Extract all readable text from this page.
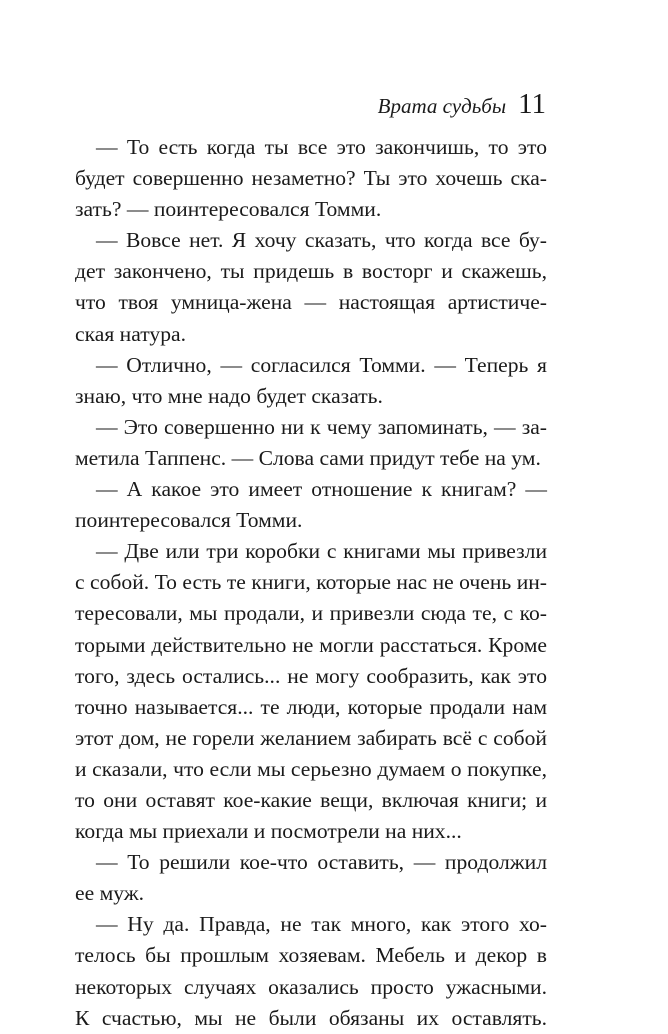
Врата судьбы 11
— То есть когда ты все это закончишь, то это
будет совершенно незаметно? Ты это хочешь ска-
зать? — поинтересовался Томми.
— Вовсе нет. Я хочу сказать, что когда все бу-
дет закончено, ты придешь в восторг и скажешь,
что твоя умница-жена — настоящая артистиче-
ская натура.
— Отлично, — согласился Томми. — Теперь я
знаю, что мне надо будет сказать.
— Это совершенно ни к чему запоминать, — за-
метила Таппенс. — Слова сами придут тебе на ум.
— А какое это имеет отношение к книгам? —
поинтересовался Томми.
— Две или три коробки с книгами мы привезли
с собой. То есть те книги, которые нас не очень ин-
тересовали, мы продали, и привезли сюда те, с ко-
торыми действительно не могли расстаться. Кроме
того, здесь остались... не могу сообразить, как это
точно называется... те люди, которые продали нам
этот дом, не горели желанием забирать всё с собой
и сказали, что если мы серьезно думаем о покупке,
то они оставят кое-какие вещи, включая книги; и
когда мы приехали и посмотрели на них...
— То решили кое-что оставить, — продолжил
ее муж.
— Ну да. Правда, не так много, как этого хо-
телось бы прошлым хозяевам. Мебель и декор в
некоторых случаях оказались просто ужасными.
К счастью, мы не были обязаны их оставлять.
